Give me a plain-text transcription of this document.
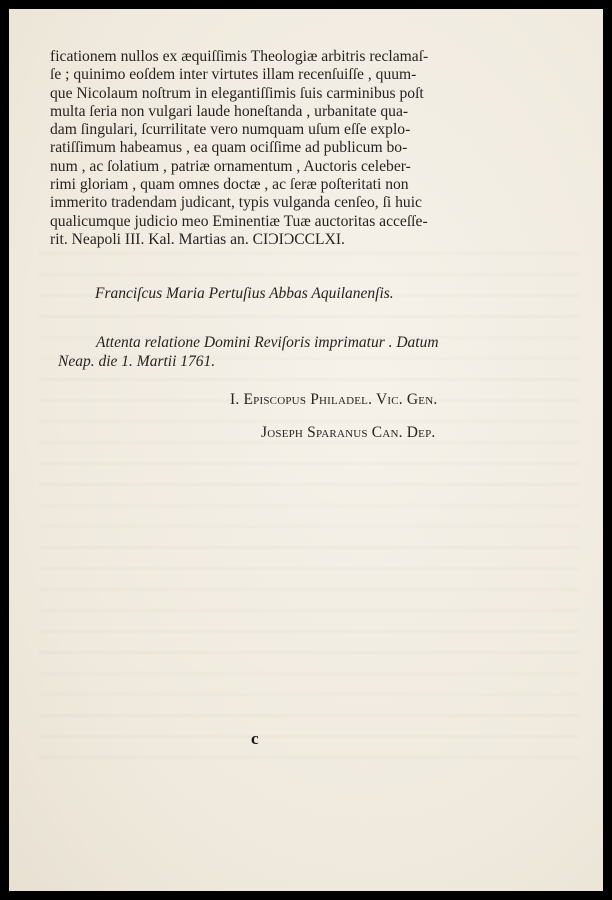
ficationem nullos ex æquiſſimis Theologiæ arbitris reclamaſ-
ſe ; quinimo eoſdem inter virtutes illam recenſuiſſe , quum-
que Nicolaum noſtrum in elegantiſſimis ſuis carminibus poſt
multa ſeria non vulgari laude honeſtanda , urbanitate qua-
dam ſingulari, ſcurrilitate vero numquam uſum eſſe explo-
ratiſſimum habeamus , ea quam ociſſime ad publicum bo-
num , ac ſolatium , patriæ ornamentum , Auctoris celeber-
rimi gloriam , quam omnes doctæ , ac ſeræ poſteritati non
immerito tradendam judicant, typis vulganda cenſeo, ſi huic
qualicumque judicio meo Eminentiæ Tuæ auctoritas acceſſe-
rit. Neapoli III. Kal. Martias an. CIƆIƆCCLXI.
Franciſcus Maria Pertuſius Abbas Aquilanenſis.
Attenta relatione Domini Reviſoris imprimatur . Datum
Neap. die 1. Martii 1761.
I. Episcopus Philadel. Vic. Gen.
Joseph Sparanus Can. Dep.
c
